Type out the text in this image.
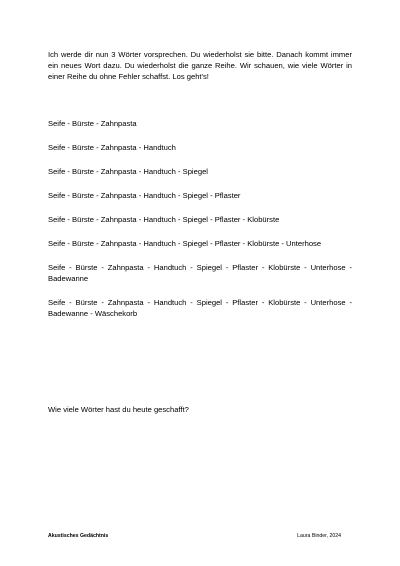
Ich werde dir nun 3 Wörter vorsprechen. Du wiederholst sie bitte. Danach kommt immer ein neues Wort dazu. Du wiederholst die ganze Reihe. Wir schauen, wie viele Wörter in einer Reihe du ohne Fehler schaffst. Los geht's!

Seife - Bürste - Zahnpasta
Seife - Bürste - Zahnpasta - Handtuch
Seife - Bürste - Zahnpasta - Handtuch - Spiegel
Seife - Bürste - Zahnpasta - Handtuch - Spiegel - Pflaster
Seife - Bürste - Zahnpasta - Handtuch - Spiegel - Pflaster - Klobürste
Seife - Bürste - Zahnpasta - Handtuch - Spiegel - Pflaster - Klobürste - Unterhose
Seife - Bürste - Zahnpasta - Handtuch - Spiegel - Pflaster - Klobürste - Unterhose - Badewanne
Seife - Bürste - Zahnpasta - Handtuch - Spiegel - Pflaster - Klobürste - Unterhose - Badewanne - Wäschekorb

Wie viele Wörter hast du heute geschafft?

Akustisches Gedächtnis	Laura Binder, 2024
